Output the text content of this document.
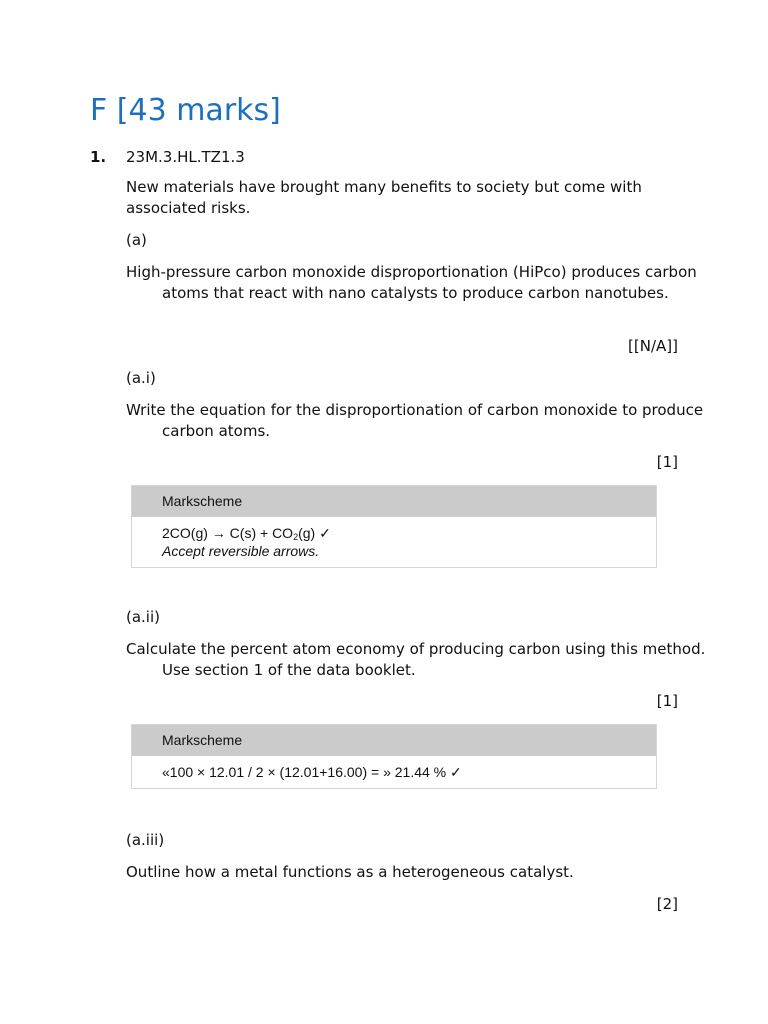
F [43 marks]
1. 23M.3.HL.TZ1.3
New materials have brought many benefits to society but come with associated risks.
(a)
High-pressure carbon monoxide disproportionation (HiPco) produces carbon atoms that react with nano catalysts to produce carbon nanotubes.
[[N/A]]
(a.i)
Write the equation for the disproportionation of carbon monoxide to produce carbon atoms.
[1]
Markscheme
$2CO(g) \to C(s) + CO_2(g)$ ✓
Accept reversible arrows.
(a.ii)
Calculate the percent atom economy of producing carbon using this method. Use section 1 of the data booklet.
[1]
Markscheme
«100 × 12.01 / 2 × (12.01+16.00) = » 21.44 % ✓
(a.iii)
Outline how a metal functions as a heterogeneous catalyst.
[2]
